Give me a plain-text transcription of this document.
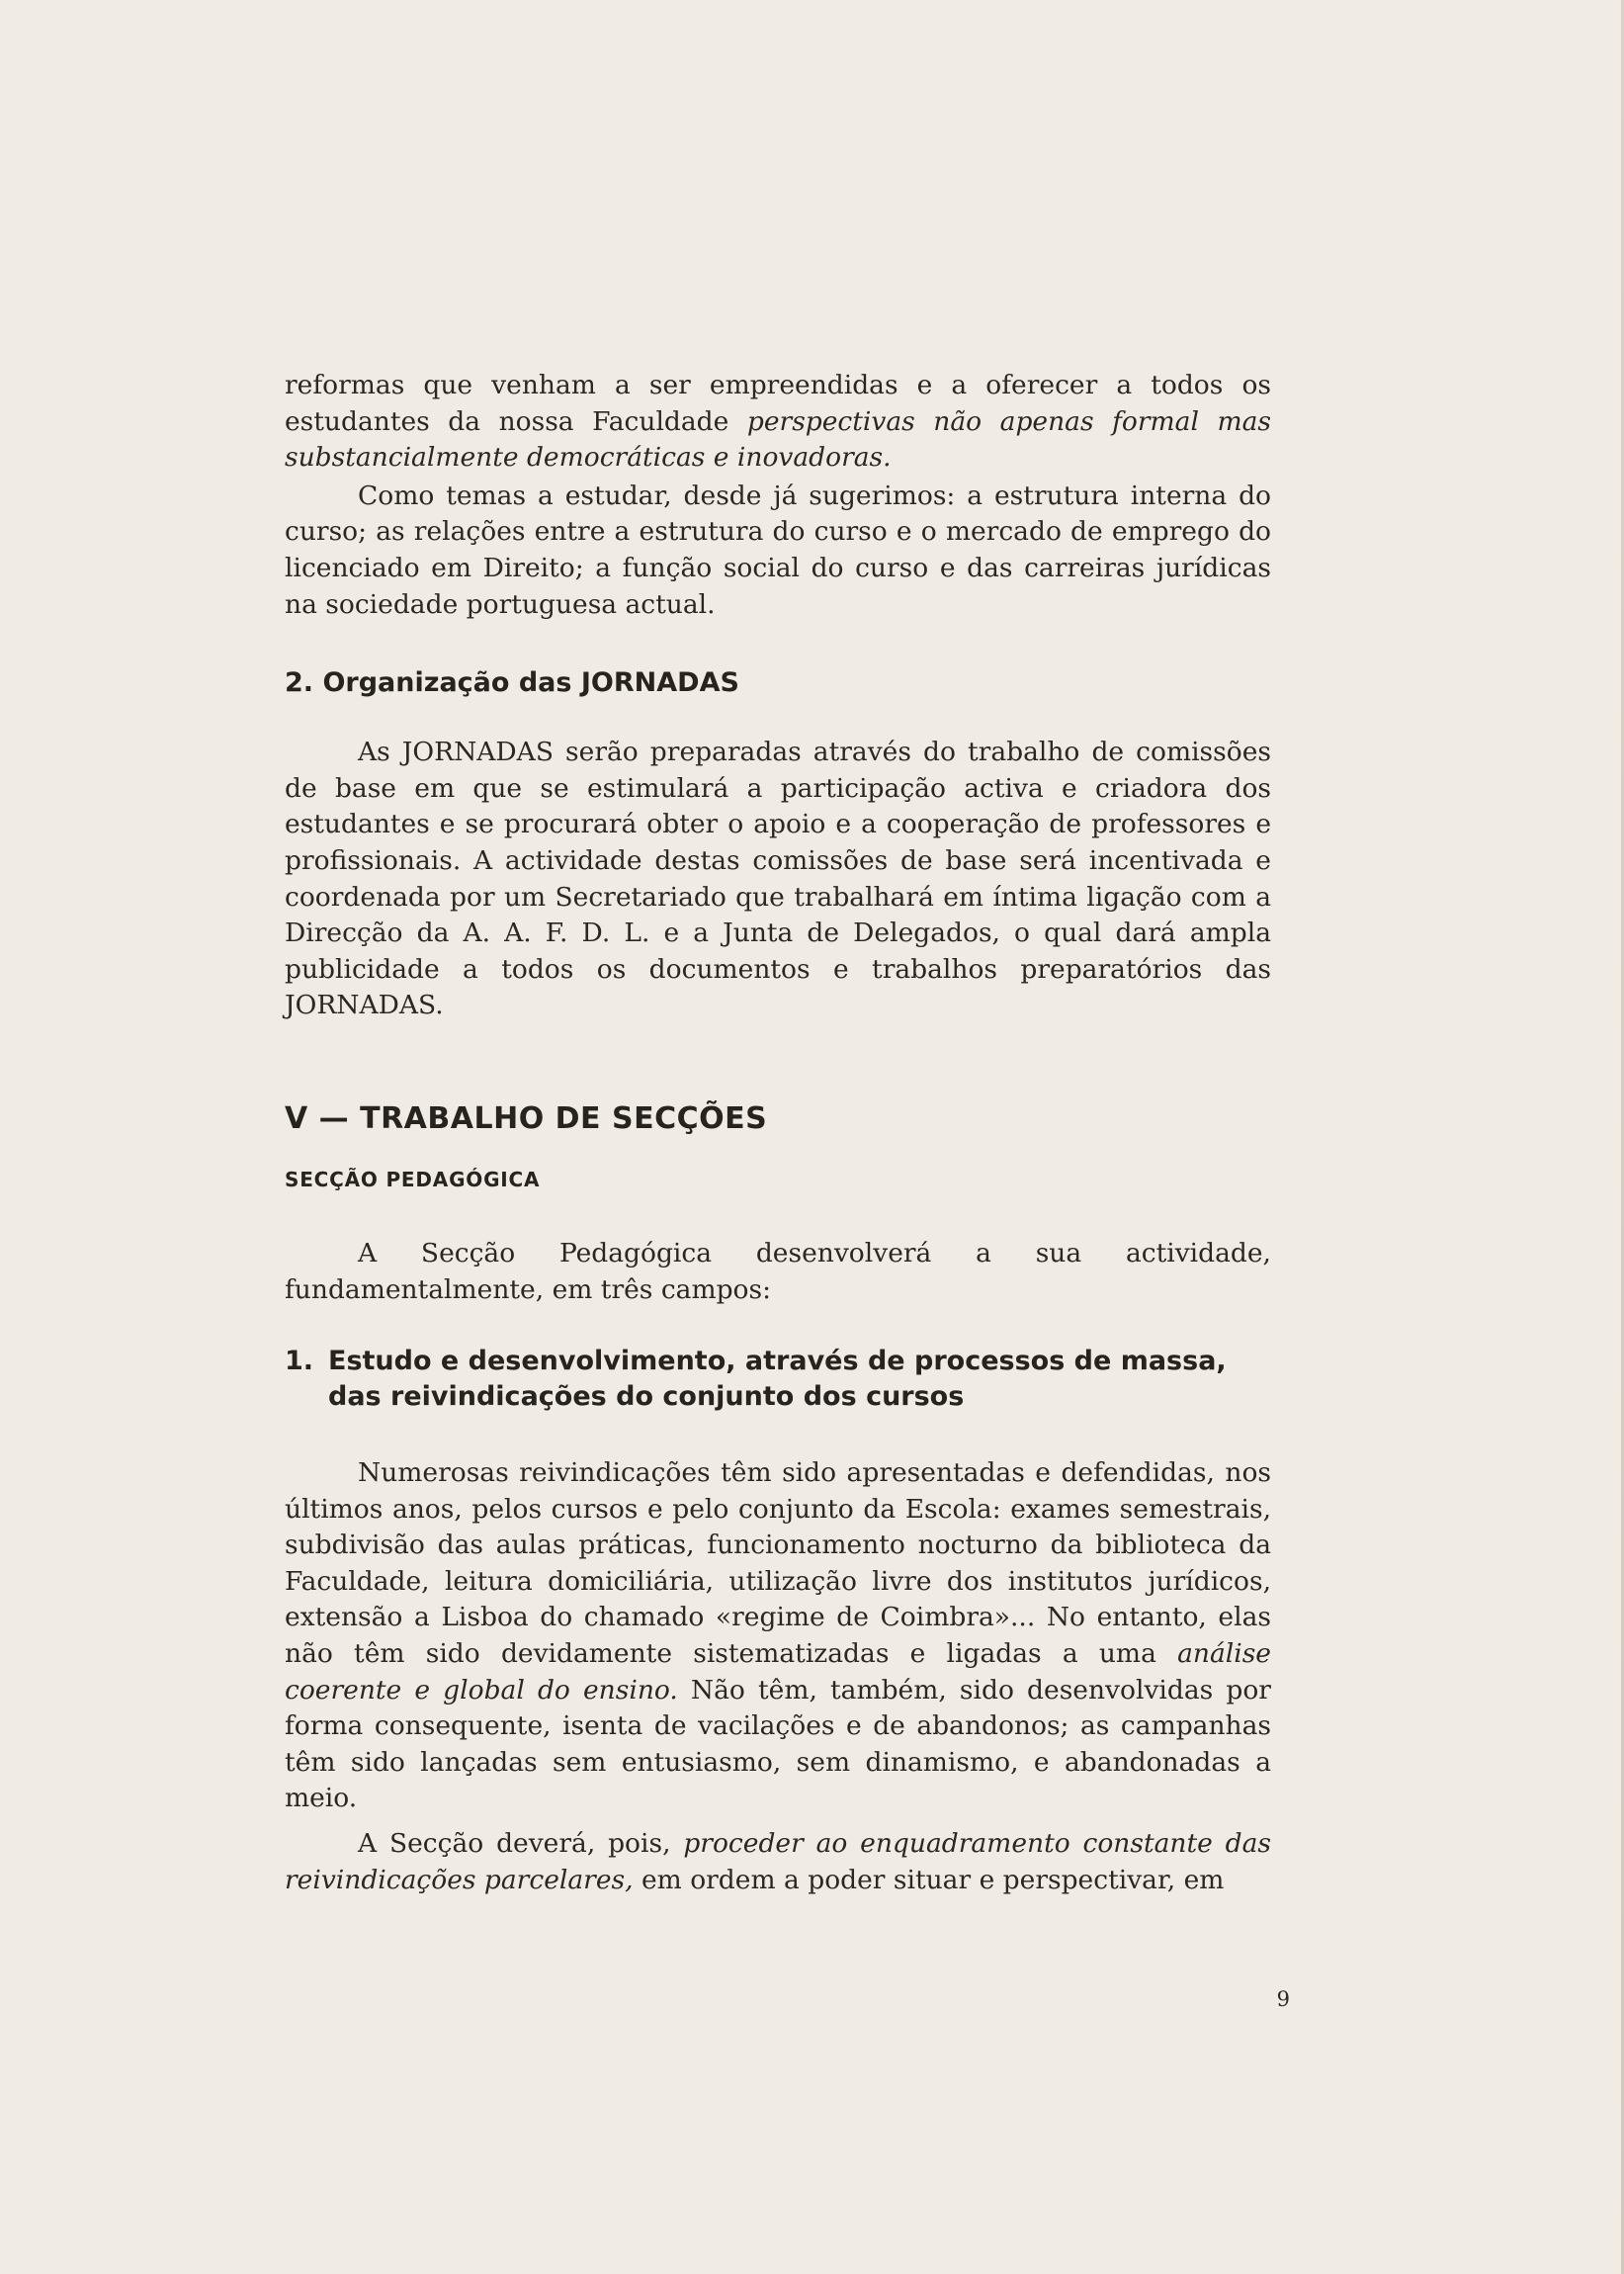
reformas que venham a ser empreendidas e a oferecer a todos os estudantes da nossa Faculdade perspectivas não apenas formal mas substancialmente democráticas e inovadoras.

Como temas a estudar, desde já sugerimos: a estrutura interna do curso; as relações entre a estrutura do curso e o mercado de emprego do licenciado em Direito; a função social do curso e das carreiras jurídicas na sociedade portuguesa actual.

2. Organização das JORNADAS

As JORNADAS serão preparadas através do trabalho de comissões de base em que se estimulará a participação activa e criadora dos estudantes e se procurará obter o apoio e a cooperação de professores e profissionais. A actividade destas comissões de base será incentivada e coordenada por um Secretariado que trabalhará em íntima ligação com a Direcção da A. A. F. D. L. e a Junta de Delegados, o qual dará ampla publicidade a todos os documentos e trabalhos preparatórios das JORNADAS.

V — TRABALHO DE SECÇÕES
SECÇÃO PEDAGÓGICA

A Secção Pedagógica desenvolverá a sua actividade, fundamentalmente, em três campos:

1. Estudo e desenvolvimento, através de processos de massa, das reivindicações do conjunto dos cursos

Numerosas reivindicações têm sido apresentadas e defendidas, nos últimos anos, pelos cursos e pelo conjunto da Escola: exames semestrais, subdivisão das aulas práticas, funcionamento nocturno da biblioteca da Faculdade, leitura domiciliária, utilização livre dos institutos jurídicos, extensão a Lisboa do chamado «regime de Coimbra»... No entanto, elas não têm sido devidamente sistematizadas e ligadas a uma análise coerente e global do ensino. Não têm, também, sido desenvolvidas por forma consequente, isenta de vacilações e de abandonos; as campanhas têm sido lançadas sem entusiasmo, sem dinamismo, e abandonadas a meio.

A Secção deverá, pois, proceder ao enquadramento constante das reivindicações parcelares, em ordem a poder situar e perspectivar, em

9
